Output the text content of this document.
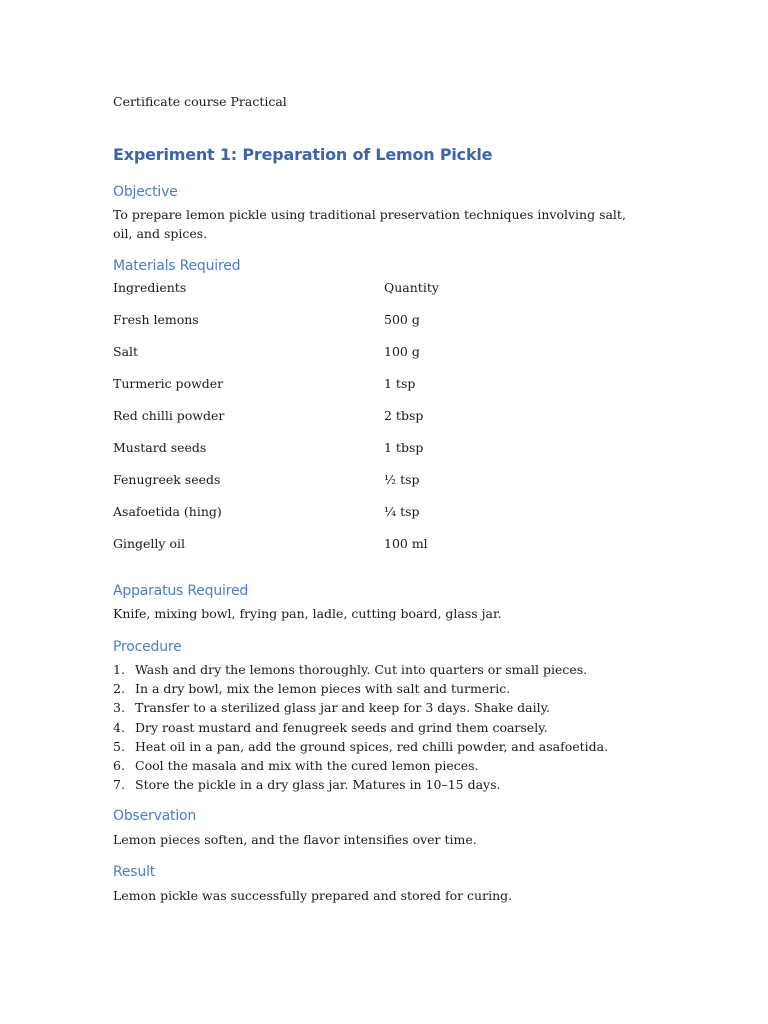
Certificate course Practical
Experiment 1: Preparation of Lemon Pickle
Objective
To prepare lemon pickle using traditional preservation techniques involving salt, oil, and spices.
Materials Required
Ingredients	Quantity
Fresh lemons	500 g
Salt	100 g
Turmeric powder	1 tsp
Red chilli powder	2 tbsp
Mustard seeds	1 tbsp
Fenugreek seeds	½ tsp
Asafoetida (hing)	¼ tsp
Gingelly oil	100 ml
Apparatus Required
Knife, mixing bowl, frying pan, ladle, cutting board, glass jar.
Procedure
1. Wash and dry the lemons thoroughly. Cut into quarters or small pieces.
2. In a dry bowl, mix the lemon pieces with salt and turmeric.
3. Transfer to a sterilized glass jar and keep for 3 days. Shake daily.
4. Dry roast mustard and fenugreek seeds and grind them coarsely.
5. Heat oil in a pan, add the ground spices, red chilli powder, and asafoetida.
6. Cool the masala and mix with the cured lemon pieces.
7. Store the pickle in a dry glass jar. Matures in 10–15 days.
Observation
Lemon pieces soften, and the flavor intensifies over time.
Result
Lemon pickle was successfully prepared and stored for curing.
